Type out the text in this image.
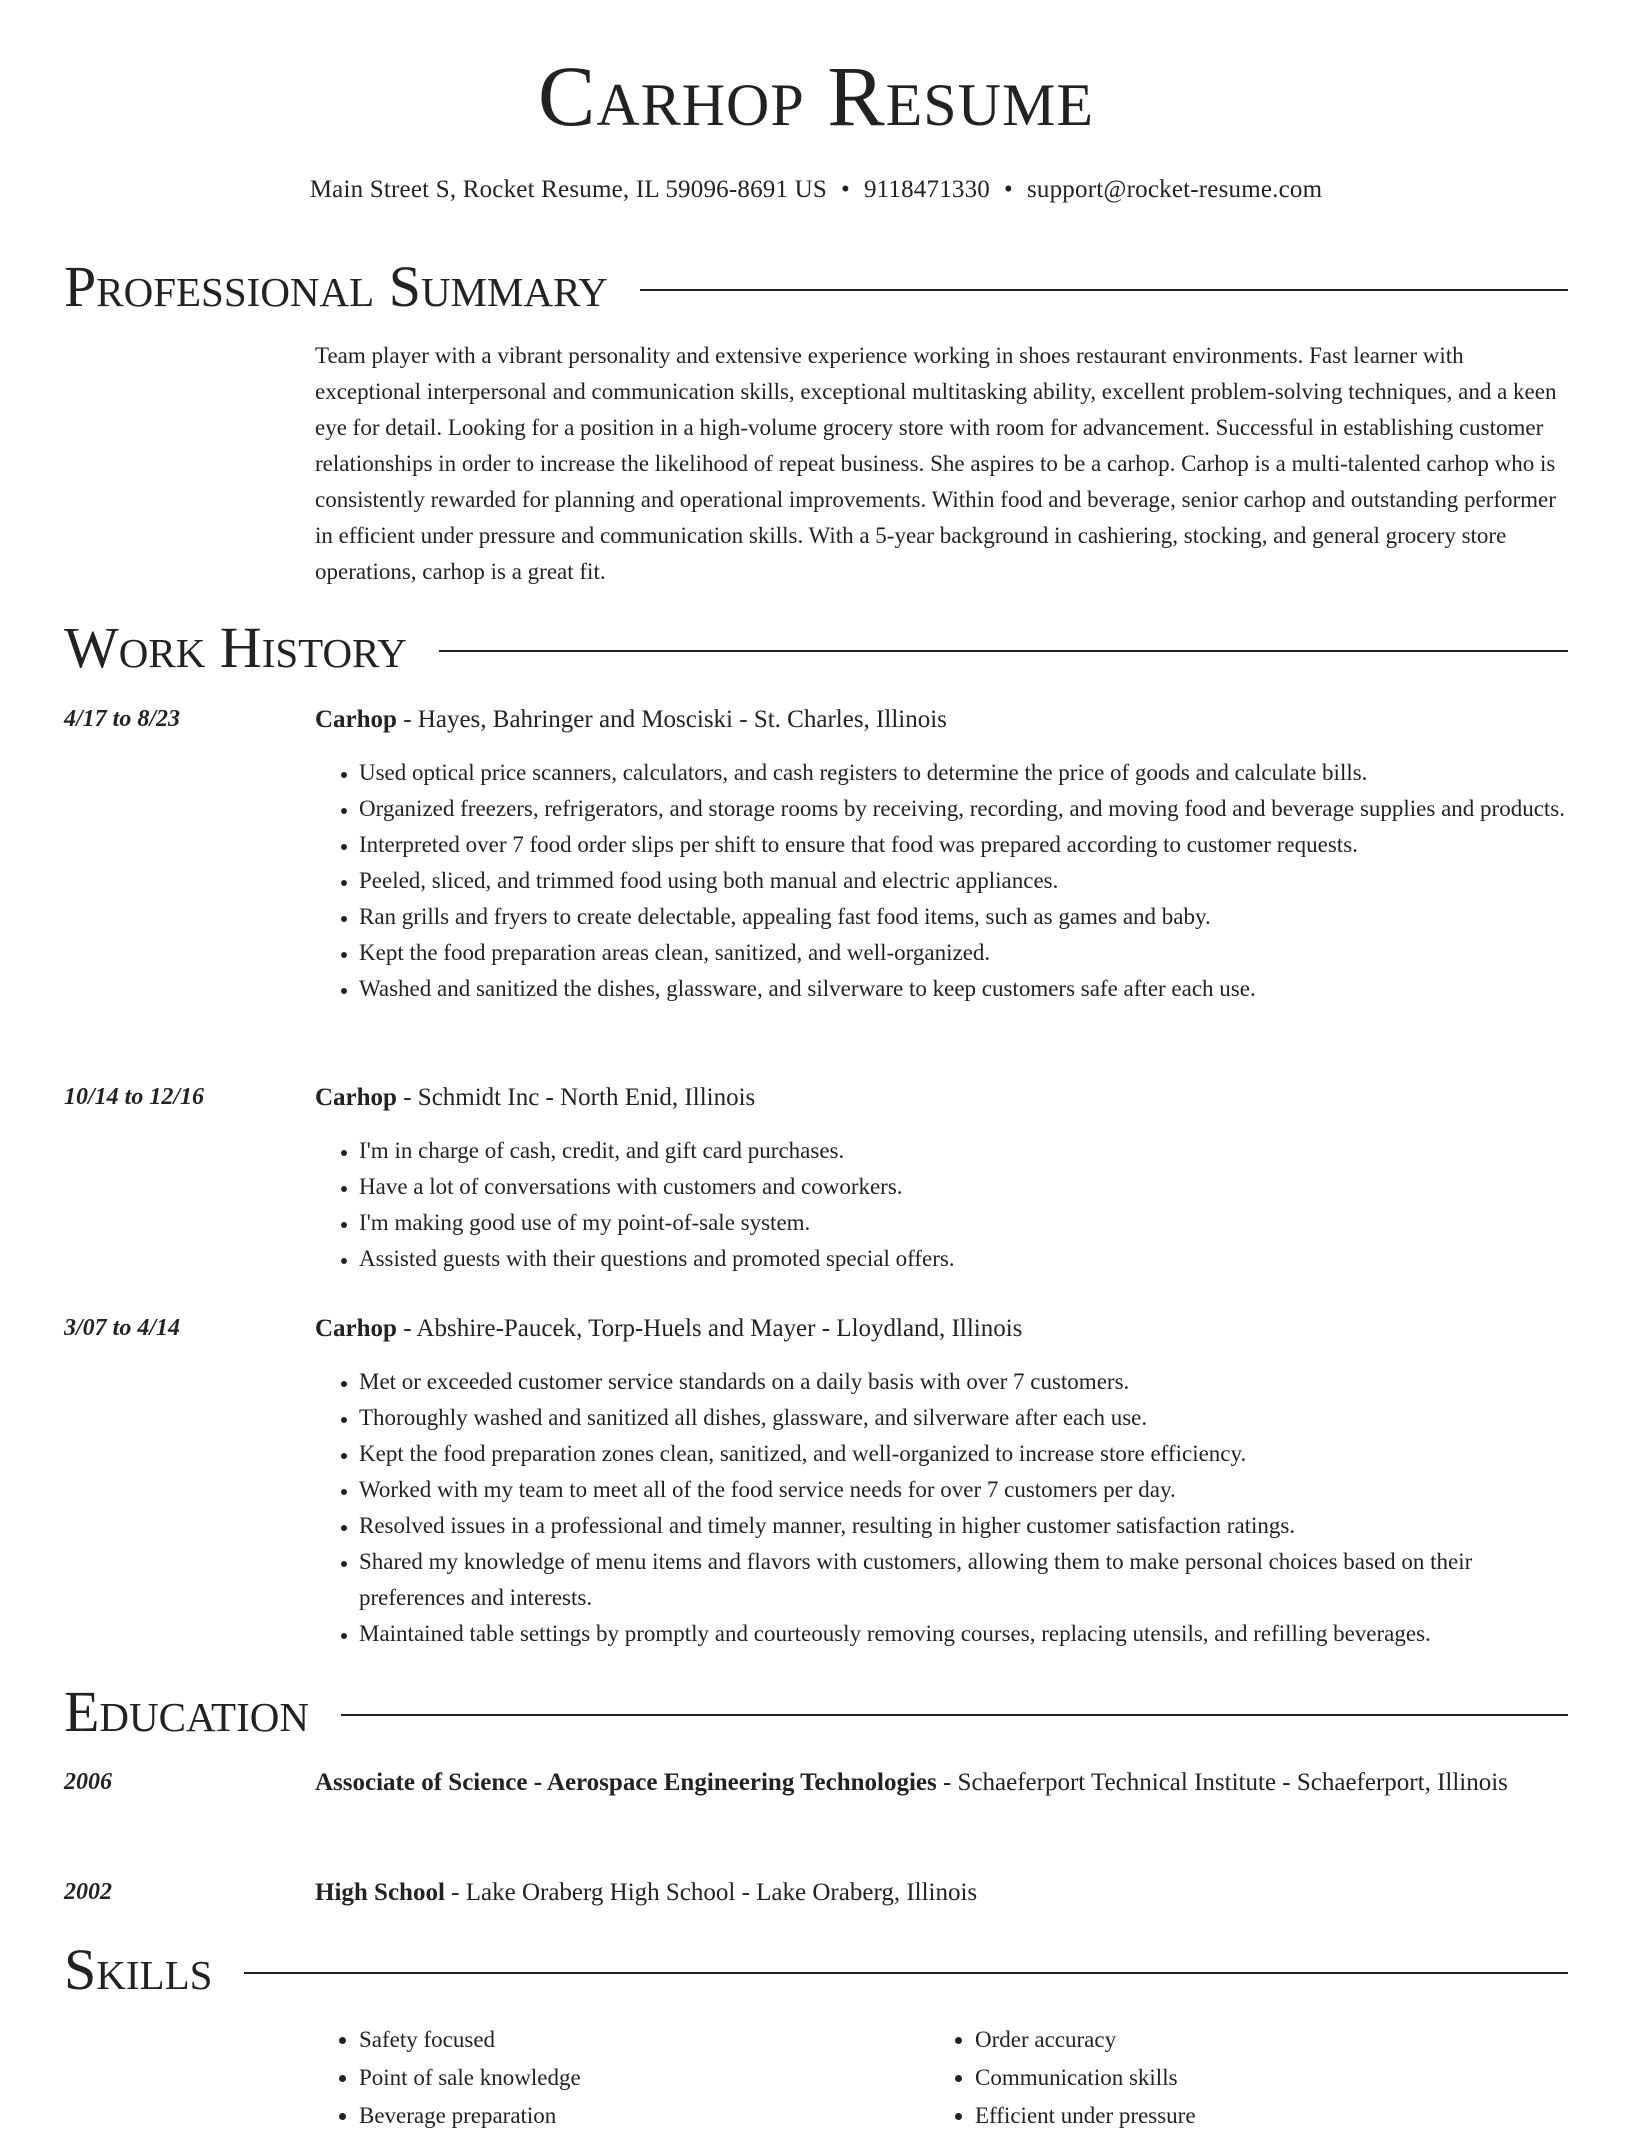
Carhop Resume
Main Street S, Rocket Resume, IL 59096-8691 US • 9118471330 • support@rocket-resume.com
Professional Summary

Team player with a vibrant personality and extensive experience working in shoes restaurant environments. Fast learner with exceptional interpersonal and communication skills, exceptional multitasking ability, excellent problem-solving techniques, and a keen eye for detail. Looking for a position in a high-volume grocery store with room for advancement. Successful in establishing customer relationships in order to increase the likelihood of repeat business. She aspires to be a carhop. Carhop is a multi-talented carhop who is consistently rewarded for planning and operational improvements. Within food and beverage, senior carhop and outstanding performer in efficient under pressure and communication skills. With a 5-year background in cashiering, stocking, and general grocery store operations, carhop is a great fit.

Work History
4/17 to 8/23	Carhop - Hayes, Bahringer and Mosciski - St. Charles, Illinois
• Used optical price scanners, calculators, and cash registers to determine the price of goods and calculate bills.
• Organized freezers, refrigerators, and storage rooms by receiving, recording, and moving food and beverage supplies and products.
• Interpreted over 7 food order slips per shift to ensure that food was prepared according to customer requests.
• Peeled, sliced, and trimmed food using both manual and electric appliances.
• Ran grills and fryers to create delectable, appealing fast food items, such as games and baby.
• Kept the food preparation areas clean, sanitized, and well-organized.
• Washed and sanitized the dishes, glassware, and silverware to keep customers safe after each use.
10/14 to 12/16	Carhop - Schmidt Inc - North Enid, Illinois
• I'm in charge of cash, credit, and gift card purchases.
• Have a lot of conversations with customers and coworkers.
• I'm making good use of my point-of-sale system.
• Assisted guests with their questions and promoted special offers.
3/07 to 4/14	Carhop - Abshire-Paucek, Torp-Huels and Mayer - Lloydland, Illinois
• Met or exceeded customer service standards on a daily basis with over 7 customers.
• Thoroughly washed and sanitized all dishes, glassware, and silverware after each use.
• Kept the food preparation zones clean, sanitized, and well-organized to increase store efficiency.
• Worked with my team to meet all of the food service needs for over 7 customers per day.
• Resolved issues in a professional and timely manner, resulting in higher customer satisfaction ratings.
• Shared my knowledge of menu items and flavors with customers, allowing them to make personal choices based on their preferences and interests.
• Maintained table settings by promptly and courteously removing courses, replacing utensils, and refilling beverages.
Education
2006	Associate of Science - Aerospace Engineering Technologies - Schaeferport Technical Institute - Schaeferport, Illinois
2002	High School - Lake Oraberg High School - Lake Oraberg, Illinois
Skills
• Safety focused
• Point of sale knowledge
• Beverage preparation
• Order accuracy
• Communication skills
• Efficient under pressure
